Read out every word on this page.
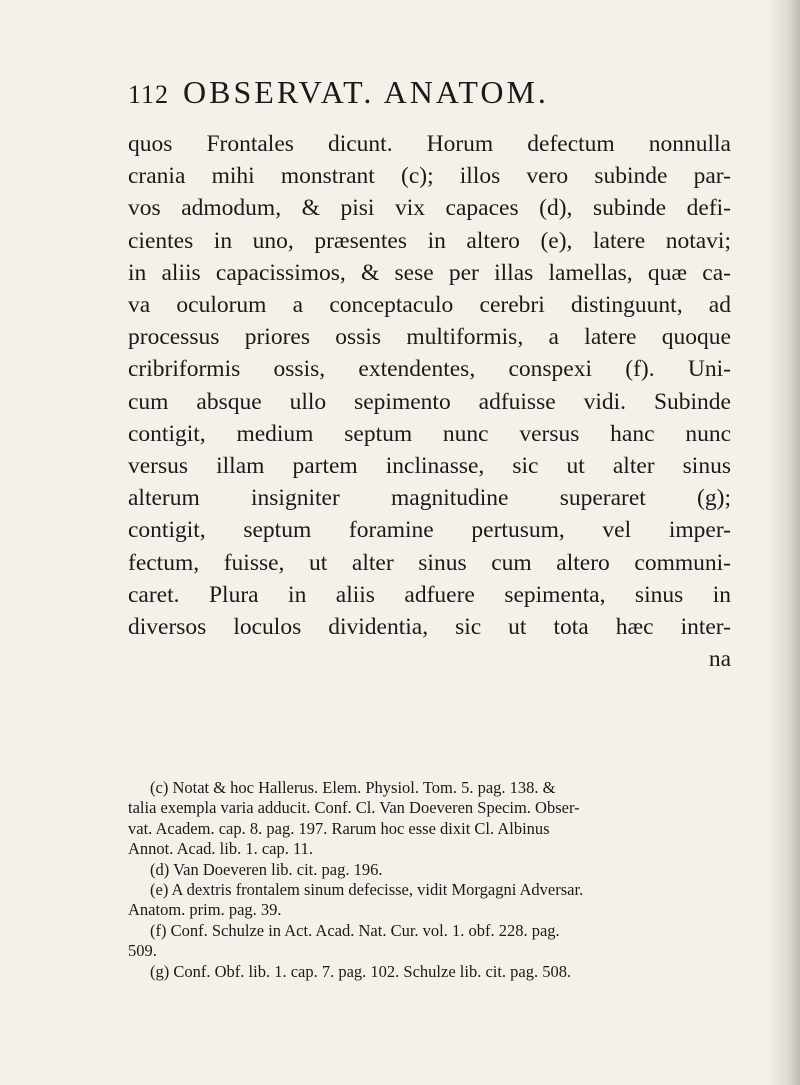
112 OBSERVAT. ANATOM.
quos Frontales dicunt. Horum defectum nonnulla
crania mihi monstrant (c); illos vero subinde par-
vos admodum, & pisi vix capaces (d), subinde defi-
cientes in uno, præsentes in altero (e), latere notavi;
in aliis capacissimos, & sese per illas lamellas, quæ ca-
va oculorum a conceptaculo cerebri distinguunt, ad
processus priores ossis multiformis, a latere quoque
cribriformis ossis, extendentes, conspexi (f). Uni-
cum absque ullo sepimento adfuisse vidi. Subinde
contigit, medium septum nunc versus hanc nunc
versus illam partem inclinasse, sic ut alter sinus
alterum insigniter magnitudine superaret (g);
contigit, septum foramine pertusum, vel imper-
fectum, fuisse, ut alter sinus cum altero communi-
caret. Plura in aliis adfuere sepimenta, sinus in
diversos loculos dividentia, sic ut tota hæc inter-
na
(c) Notat & hoc Hallerus. Elem. Physiol. Tom. 5. pag. 138. &
talia exempla varia adducit. Conf. Cl. Van Doeveren Specim. Obser-
vat. Academ. cap. 8. pag. 197. Rarum hoc esse dixit Cl. Albinus
Annot. Acad. lib. 1. cap. 11.
(d) Van Doeveren lib. cit. pag. 196.
(e) A dextris frontalem sinum defecisse, vidit Morgagni Adversar.
Anatom. prim. pag. 39.
(f) Conf. Schulze in Act. Acad. Nat. Cur. vol. 1. obf. 228. pag.
509.
(g) Conf. Obf. lib. 1. cap. 7. pag. 102. Schulze lib. cit. pag. 508.
